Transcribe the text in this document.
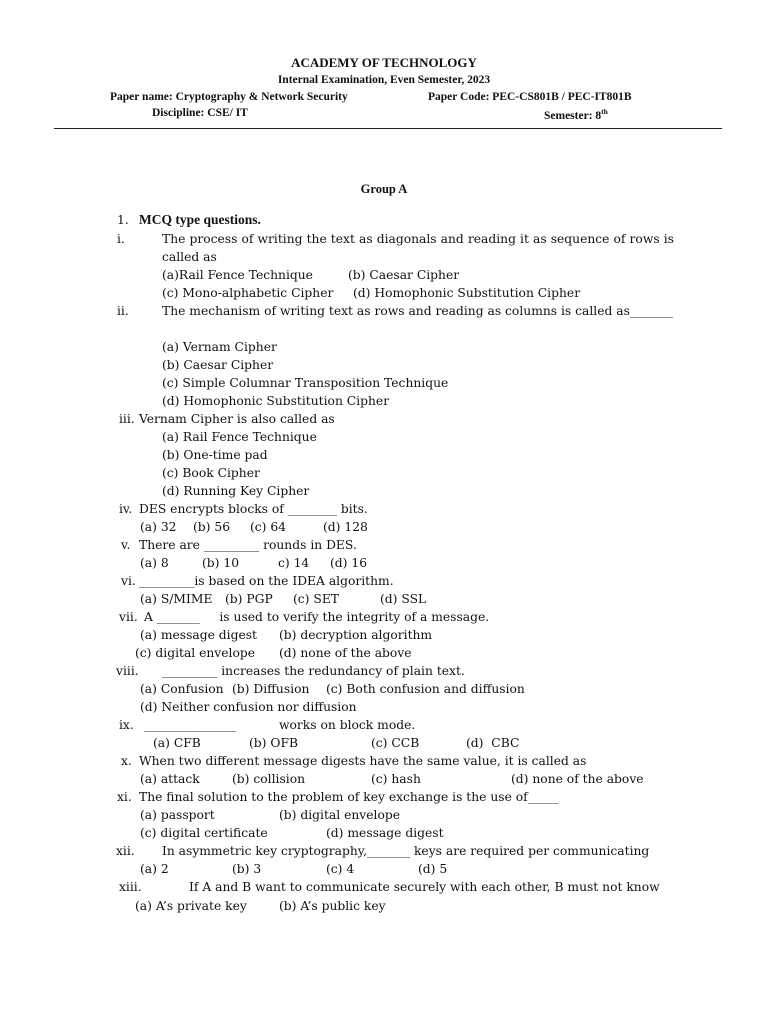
ACADEMY OF TECHNOLOGY
Internal Examination, Even Semester, 2023
Paper name: Cryptography & Network Security	Paper Code: PEC-CS801B / PEC-IT801B
Discipline: CSE/ IT	Semester: 8th
Group A
1. MCQ type questions.
i.	The process of writing the text as diagonals and reading it as sequence of rows is called as
(a)Rail Fence Technique	(b) Caesar Cipher
(c) Mono-alphabetic Cipher (d) Homophonic Substitution Cipher
ii.	The mechanism of writing text as rows and reading as columns is called as_______
(a) Vernam Cipher
(b) Caesar Cipher
(c) Simple Columnar Transposition Technique
(d) Homophonic Substitution Cipher
iii. Vernam Cipher is also called as
(a) Rail Fence Technique
(b) One-time pad
(c) Book Cipher
(d) Running Key Cipher
iv. DES encrypts blocks of ________ bits.
(a) 32 (b) 56 (c) 64	(d) 128
v. There are _________ rounds in DES.
(a) 8	(b) 10	c) 14 (d) 16
vi. _________is based on the IDEA algorithm.
(a) S/MIME (b) PGP (c) SET	(d) SSL
vii. A _______     is used to verify the integrity of a message.
(a) message digest (b) decryption algorithm
(c) digital envelope (d) none of the above
viii. _________ increases the redundancy of plain text.
(a) Confusion (b) Diffusion (c) Both confusion and diffusion
(d) Neither confusion nor diffusion
ix. _______________	works on block mode.
(a) CFB	(b) OFB	(c) CCB	(d)  CBC
x. When two different message digests have the same value, it is called as
(a) attack	(b) collision	(c) hash	(d) none of the above
xi. The final solution to the problem of key exchange is the use of_____
(a) passport	(b) digital envelope
(c) digital certificate	(d) message digest
xii. In asymmetric key cryptography,_______ keys are required per communicating
(a) 2	(b) 3	(c) 4	(d) 5
xiii.	If A and B want to communicate securely with each other, B must not know
(a) A’s private key	(b) A’s public key
